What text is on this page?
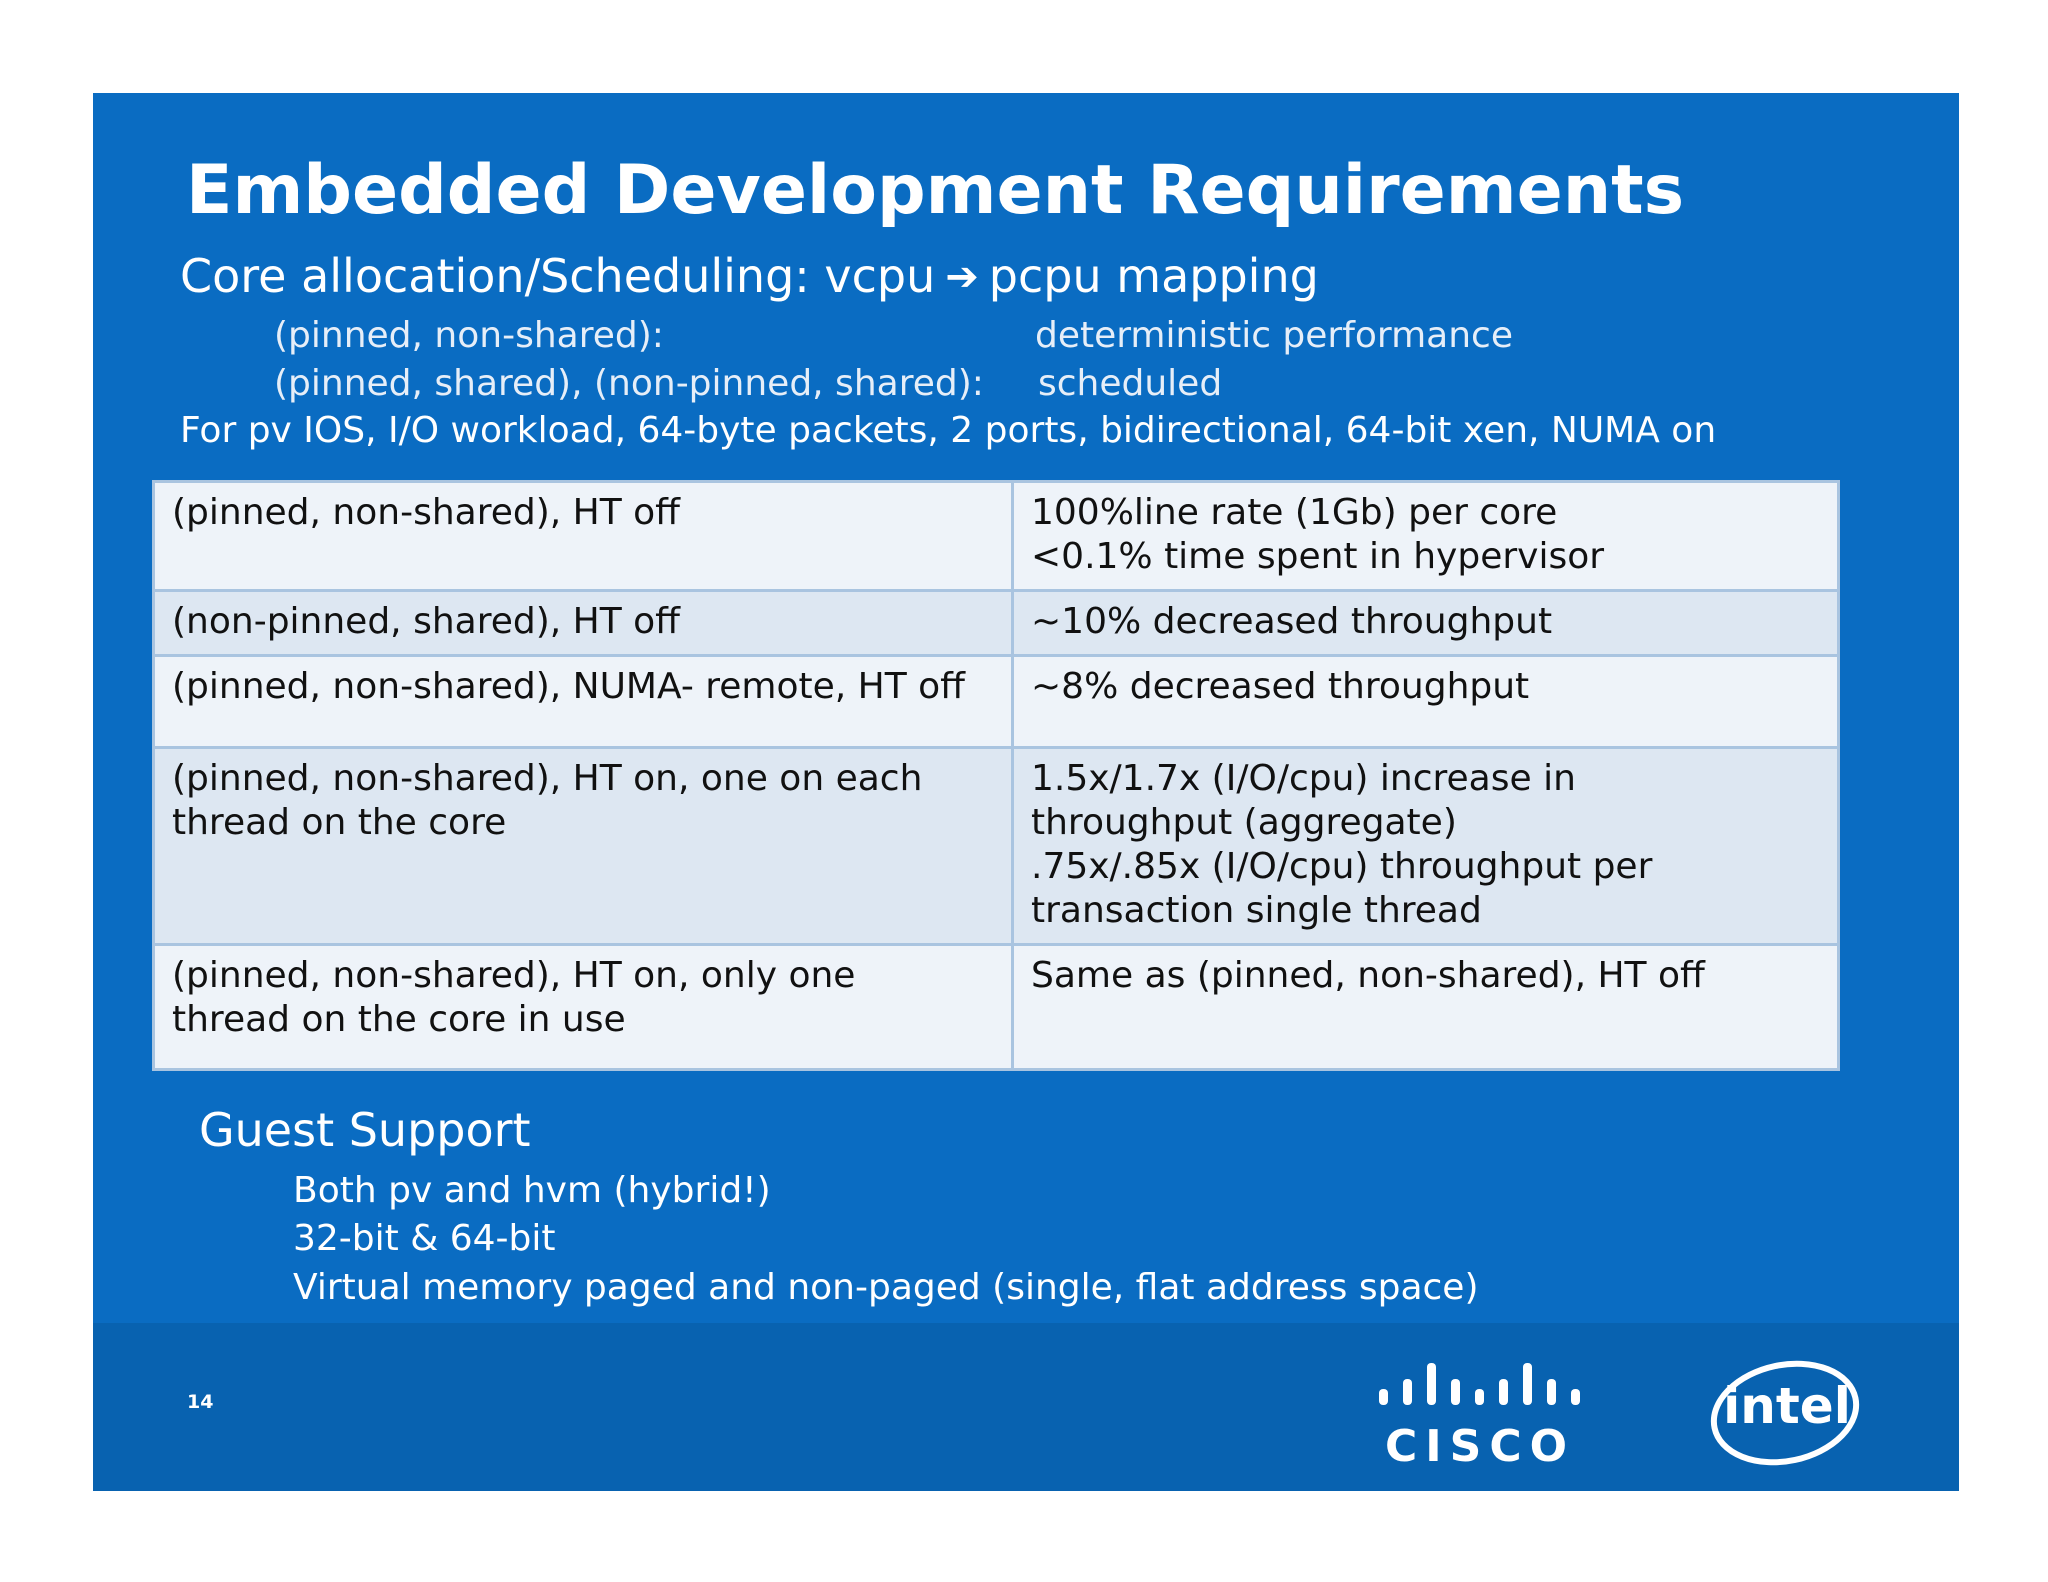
Embedded Development Requirements
Core allocation/Scheduling: vcpu ➔ pcpu mapping
(pinned, non-shared):	deterministic performance
(pinned, shared), (non-pinned, shared): scheduled
For pv IOS, I/O workload, 64-byte packets, 2 ports, bidirectional, 64-bit xen, NUMA on
(pinned, non-shared), HT off	100%line rate (1Gb) per core
<0.1% time spent in hypervisor

(non-pinned, shared), HT off	~10% decreased throughput

(pinned, non-shared), NUMA- remote, HT off	~8% decreased throughput

(pinned, non-shared), HT on, one on each
thread on the core	1.5x/1.7x (I/O/cpu) increase in
throughput (aggregate)
.75x/.85x (I/O/cpu) throughput per
transaction single thread

(pinned, non-shared), HT on, only one
thread on the core in use	Same as (pinned, non-shared), HT off
Guest Support
Both pv and hvm (hybrid!)
32-bit & 64-bit
Virtual memory paged and non-paged (single, flat address space)
14
CISCO
intel
